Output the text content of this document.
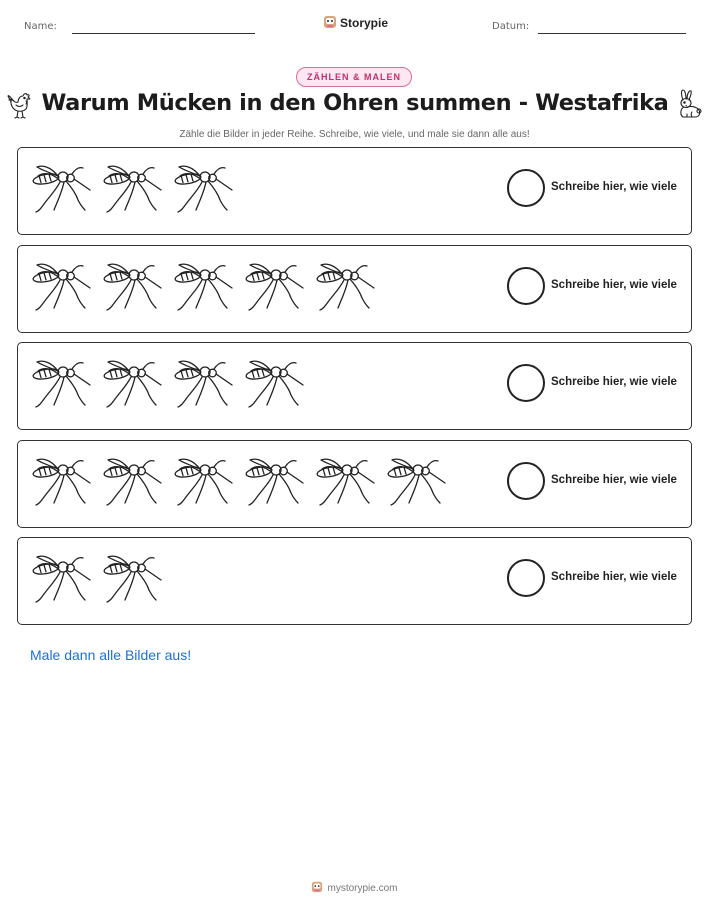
Name:	Storypie	Datum:
ZÄHLEN & MALEN
Warum Mücken in den Ohren summen - Westafrika
Zähle die Bilder in jeder Reihe. Schreibe, wie viele, und male sie dann alle aus!
Schreibe hier, wie viele
Schreibe hier, wie viele
Schreibe hier, wie viele
Schreibe hier, wie viele
Schreibe hier, wie viele
Male dann alle Bilder aus!
mystorypie.com
